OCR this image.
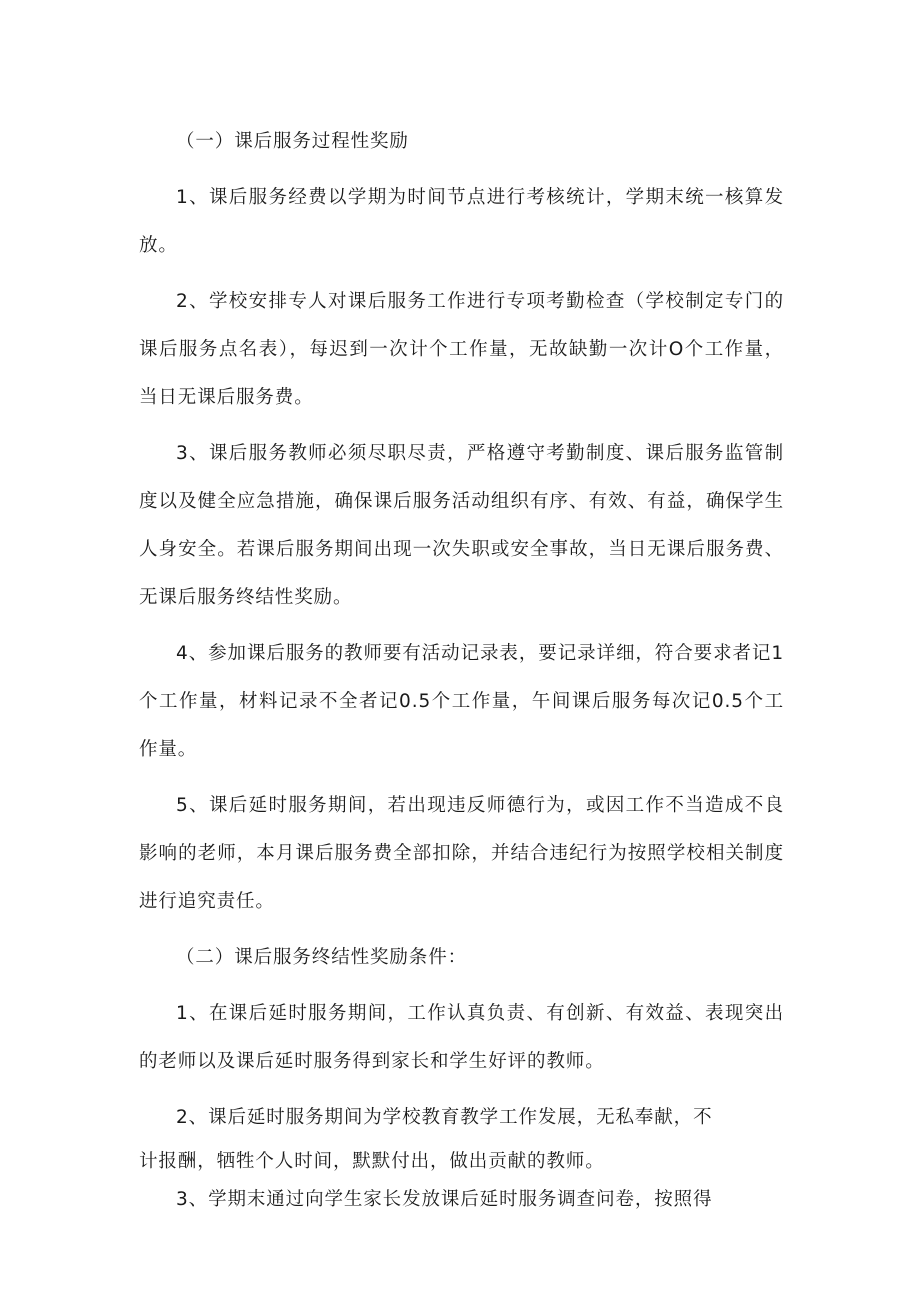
（一）课后服务过程性奖励

1、课后服务经费以学期为时间节点进行考核统计，学期末统一核算发放。

2、学校安排专人对课后服务工作进行专项考勤检查（学校制定专门的课后服务点名表），每迟到一次计个工作量，无故缺勤一次计O个工作量，当日无课后服务费。

3、课后服务教师必须尽职尽责，严格遵守考勤制度、课后服务监管制度以及健全应急措施，确保课后服务活动组织有序、有效、有益，确保学生人身安全。若课后服务期间出现一次失职或安全事故，当日无课后服务费、无课后服务终结性奖励。

4、参加课后服务的教师要有活动记录表，要记录详细，符合要求者记1个工作量，材料记录不全者记0.5个工作量，午间课后服务每次记0.5个工作量。

5、课后延时服务期间，若出现违反师德行为，或因工作不当造成不良影响的老师，本月课后服务费全部扣除，并结合违纪行为按照学校相关制度进行追究责任。

（二）课后服务终结性奖励条件：

1、在课后延时服务期间，工作认真负责、有创新、有效益、表现突出的老师以及课后延时服务得到家长和学生好评的教师。

2、课后延时服务期间为学校教育教学工作发展，无私奉献，不

计报酬，牺牲个人时间，默默付出，做出贡献的教师。

3、学期末通过向学生家长发放课后延时服务调查问卷，按照得
